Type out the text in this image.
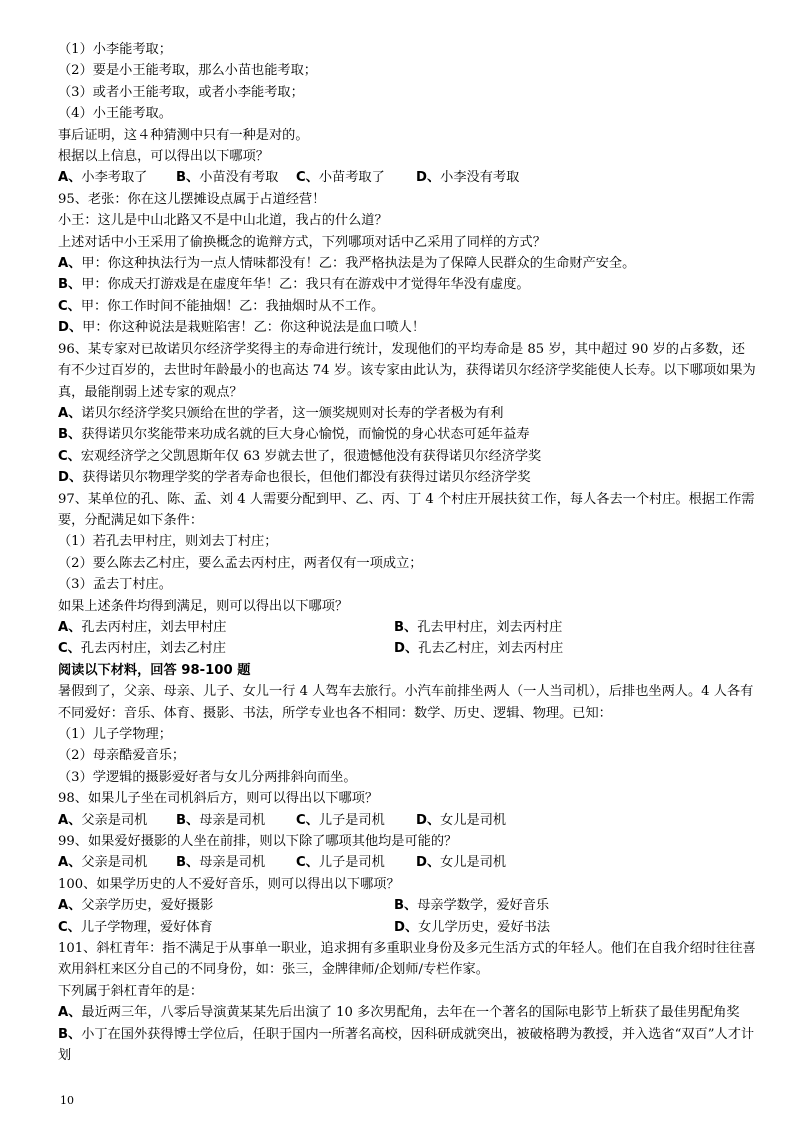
（1）小李能考取；
（2）要是小王能考取，那么小苗也能考取；
（3）或者小王能考取，或者小李能考取；
（4）小王能考取。
事后证明，这４种猜测中只有一种是对的。
根据以上信息，可以得出以下哪项？
A、小李考取了	B、小苗没有考取	C、小苗考取了	D、小李没有考取
95、老张：你在这儿摆摊设点属于占道经营！
小王：这儿是中山北路又不是中山北道，我占的什么道？
上述对话中小王采用了偷换概念的诡辩方式，下列哪项对话中乙采用了同样的方式？
A、甲：你这种执法行为一点人情味都没有！乙：我严格执法是为了保障人民群众的生命财产安全。
B、甲：你成天打游戏是在虚度年华！乙：我只有在游戏中才觉得年华没有虚度。
C、甲：你工作时间不能抽烟！乙：我抽烟时从不工作。
D、甲：你这种说法是栽赃陷害！乙：你这种说法是血口喷人！
96、某专家对已故诺贝尔经济学奖得主的寿命进行统计，发现他们的平均寿命是 85 岁，其中超过 90 岁的占多数，还有不少过百岁的，去世时年龄最小的也高达 74 岁。该专家由此认为，获得诺贝尔经济学奖能使人长寿。以下哪项如果为真，最能削弱上述专家的观点？
A、诺贝尔经济学奖只颁给在世的学者，这一颁奖规则对长寿的学者极为有利
B、获得诺贝尔奖能带来功成名就的巨大身心愉悦，而愉悦的身心状态可延年益寿
C、宏观经济学之父凯恩斯年仅 63 岁就去世了，很遗憾他没有获得诺贝尔经济学奖
D、获得诺贝尔物理学奖的学者寿命也很长，但他们都没有获得过诺贝尔经济学奖
97、某单位的孔、陈、孟、刘 4 人需要分配到甲、乙、丙、丁 4 个村庄开展扶贫工作，每人各去一个村庄。根据工作需要，分配满足如下条件：
（1）若孔去甲村庄，则刘去丁村庄；
（2）要么陈去乙村庄，要么孟去丙村庄，两者仅有一项成立；
（3）孟去丁村庄。
如果上述条件均得到满足，则可以得出以下哪项？
A、孔去丙村庄，刘去甲村庄	B、孔去甲村庄，刘去丙村庄
C、孔去丙村庄，刘去乙村庄	D、孔去乙村庄，刘去丙村庄
阅读以下材料，回答 98-100 题
暑假到了，父亲、母亲、儿子、女儿一行 4 人驾车去旅行。小汽车前排坐两人（一人当司机），后排也坐两人。4 人各有不同爱好：音乐、体育、摄影、书法，所学专业也各不相同：数学、历史、逻辑、物理。已知：
（1）儿子学物理；
（2）母亲酷爱音乐；
（3）学逻辑的摄影爱好者与女儿分两排斜向而坐。
98、如果儿子坐在司机斜后方，则可以得出以下哪项？
A、父亲是司机	B、母亲是司机	C、儿子是司机	D、女儿是司机
99、如果爱好摄影的人坐在前排，则以下除了哪项其他均是可能的？
A、父亲是司机	B、母亲是司机	C、儿子是司机	D、女儿是司机
100、如果学历史的人不爱好音乐，则可以得出以下哪项？
A、父亲学历史，爱好摄影	B、母亲学数学，爱好音乐
C、儿子学物理，爱好体育	D、女儿学历史，爱好书法
101、斜杠青年：指不满足于从事单一职业，追求拥有多重职业身份及多元生活方式的年轻人。他们在自我介绍时往往喜欢用斜杠来区分自己的不同身份，如：张三，金牌律师/企划师/专栏作家。
下列属于斜杠青年的是：
A、最近两三年，八零后导演黄某某先后出演了 10 多次男配角，去年在一个著名的国际电影节上斩获了最佳男配角奖
B、小丁在国外获得博士学位后，任职于国内一所著名高校，因科研成就突出，被破格聘为教授，并入选省“双百”人才计划
10
